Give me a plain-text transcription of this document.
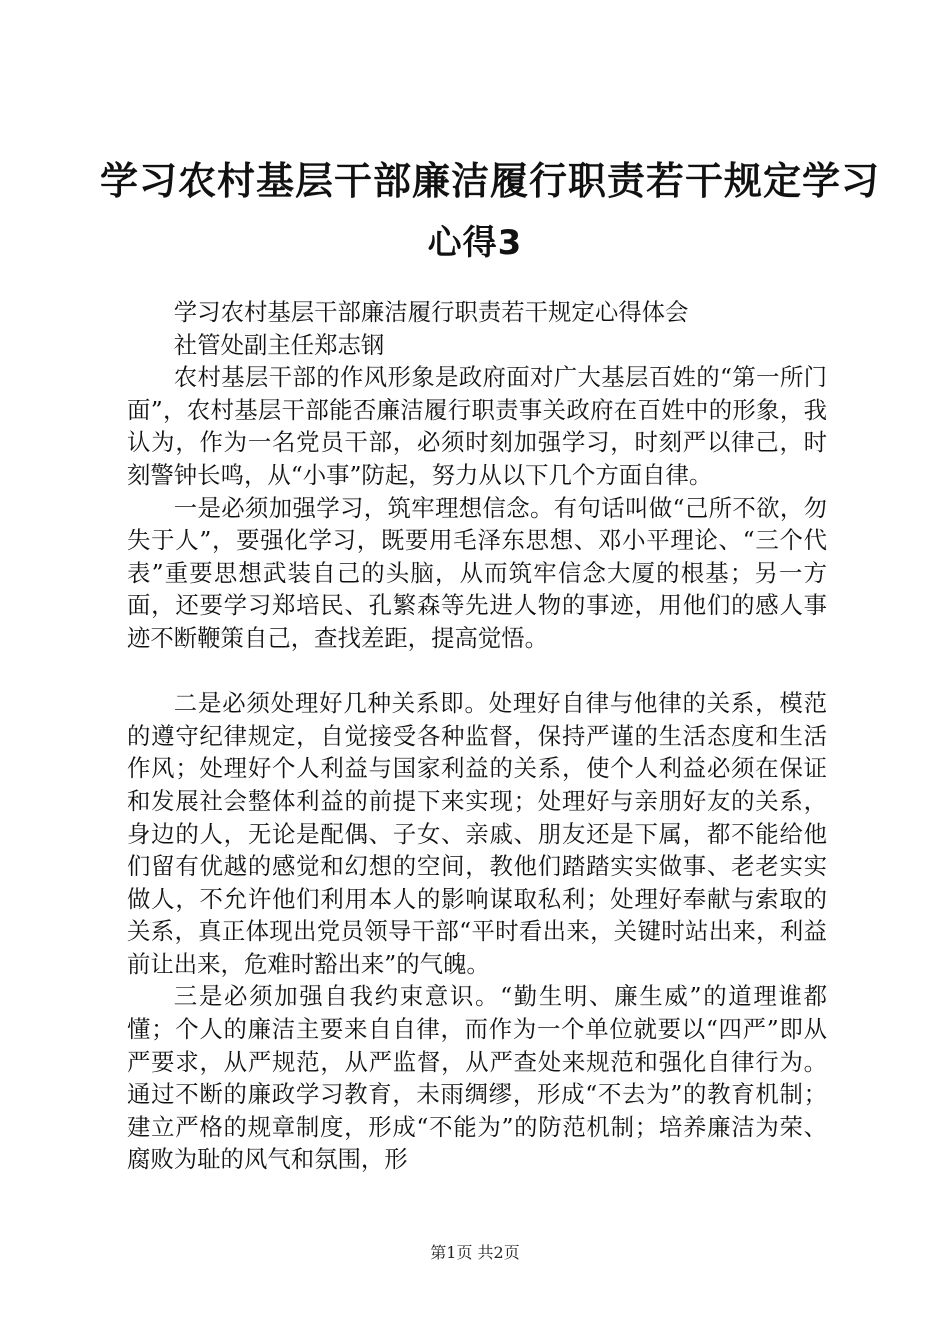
学习农村基层干部廉洁履行职责若干规定学习
心得3

学习农村基层干部廉洁履行职责若干规定心得体会

社管处副主任郑志钢

农村基层干部的作风形象是政府面对广大基层百姓的“第一所门面”，农村基层干部能否廉洁履行职责事关政府在百姓中的形象，我认为，作为一名党员干部，必须时刻加强学习，时刻严以律己，时刻警钟长鸣，从“小事”防起，努力从以下几个方面自律。

一是必须加强学习，筑牢理想信念。有句话叫做“己所不欲，勿失于人”，要强化学习，既要用毛泽东思想、邓小平理论、“三个代表”重要思想武装自己的头脑，从而筑牢信念大厦的根基；另一方面，还要学习郑培民、孔繁森等先进人物的事迹，用他们的感人事迹不断鞭策自己，查找差距，提高觉悟。

二是必须处理好几种关系即。处理好自律与他律的关系，模范的遵守纪律规定，自觉接受各种监督，保持严谨的生活态度和生活作风；处理好个人利益与国家利益的关系，使个人利益必须在保证和发展社会整体利益的前提下来实现；处理好与亲朋好友的关系，身边的人，无论是配偶、子女、亲戚、朋友还是下属，都不能给他们留有优越的感觉和幻想的空间，教他们踏踏实实做事、老老实实做人，不允许他们利用本人的影响谋取私利；处理好奉献与索取的关系，真正体现出党员领导干部“平时看出来，关键时站出来，利益前让出来，危难时豁出来”的气魄。

三是必须加强自我约束意识。“勤生明、廉生威”的道理谁都懂；个人的廉洁主要来自自律，而作为一个单位就要以“四严”即从严要求，从严规范，从严监督，从严查处来规范和强化自律行为。通过不断的廉政学习教育，未雨绸缪，形成“不去为”的教育机制；建立严格的规章制度，形成“不能为”的防范机制；培养廉洁为荣、腐败为耻的风气和氛围，形

第1页 共2页
